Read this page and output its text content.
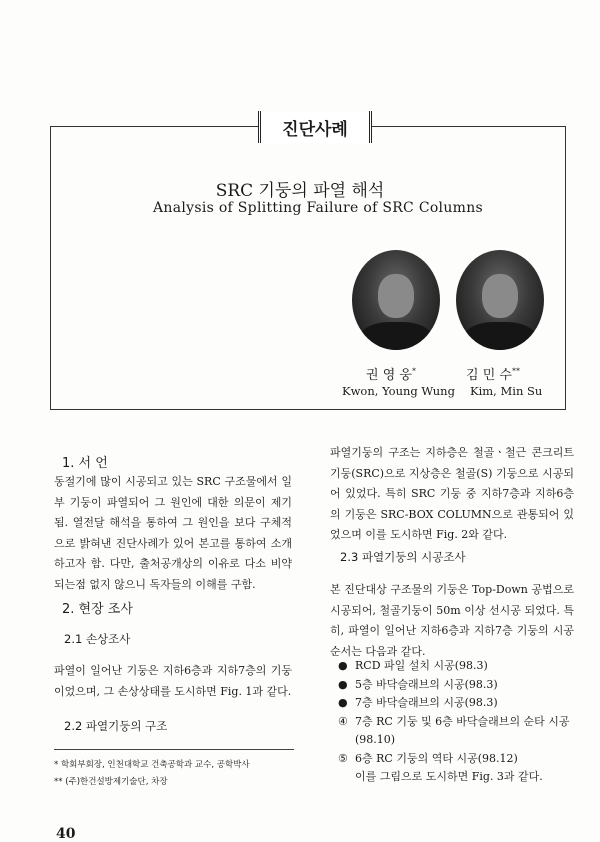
진단사례
SRC 기둥의 파열 해석
Analysis of Splitting Failure of SRC Columns
권 영 웅*	김 민 수**
Kwon, Young Wung Kim, Min Su
1. 서 언

동절기에 많이 시공되고 있는 SRC 구조물에서 일부 기둥이 파열되어 그 원인에 대한 의문이 제기됨. 열전달 해석을 통하여 그 원인을 보다 구체적으로 밝혀낸 진단사례가 있어 본고를 통하여 소개하고자 함. 다만, 출처공개상의 이유로 다소 비약되는점 없지 않으니 독자들의 이해를 구함.

2. 현장 조사
2.1 손상조사

파열이 일어난 기둥은 지하6층과 지하7층의 기둥이었으며, 그 손상상태를 도시하면 Fig. 1과 같다.

2.2 파열기둥의 구조
* 학회부회장, 인천대학교 건축공학과 교수, 공학박사
** (주)한건설방제기술단, 차장

파열기둥의 구조는 지하층은 철골ㆍ철근 콘크리트기둥(SRC)으로 지상층은 철골(S) 기둥으로 시공되어 있었다. 특히 SRC 기둥 중 지하7층과 지하6층의 기둥은 SRC-BOX COLUMN으로 관통되어 있었으며 이를 도시하면 Fig. 2와 같다.

2.3 파열기둥의 시공조사

본 진단대상 구조물의 기둥은 Top-Down 공법으로 시공되어, 철골기둥이 50m 이상 선시공 되었다. 특히, 파열이 일어난 지하6층과 지하7층 기둥의 시공순서는 다음과 같다.

● RCD 파일 설치 시공(98.3)
● 5층 바닥슬래브의 시공(98.3)
● 7층 바닥슬래브의 시공(98.3)
④ 7층 RC 기둥 및 6층 바닥슬래브의 순타 시공(98.10)
⑤ 6층 RC 기둥의 역타 시공(98.12)
이를 그림으로 도시하면 Fig. 3과 같다.
40
